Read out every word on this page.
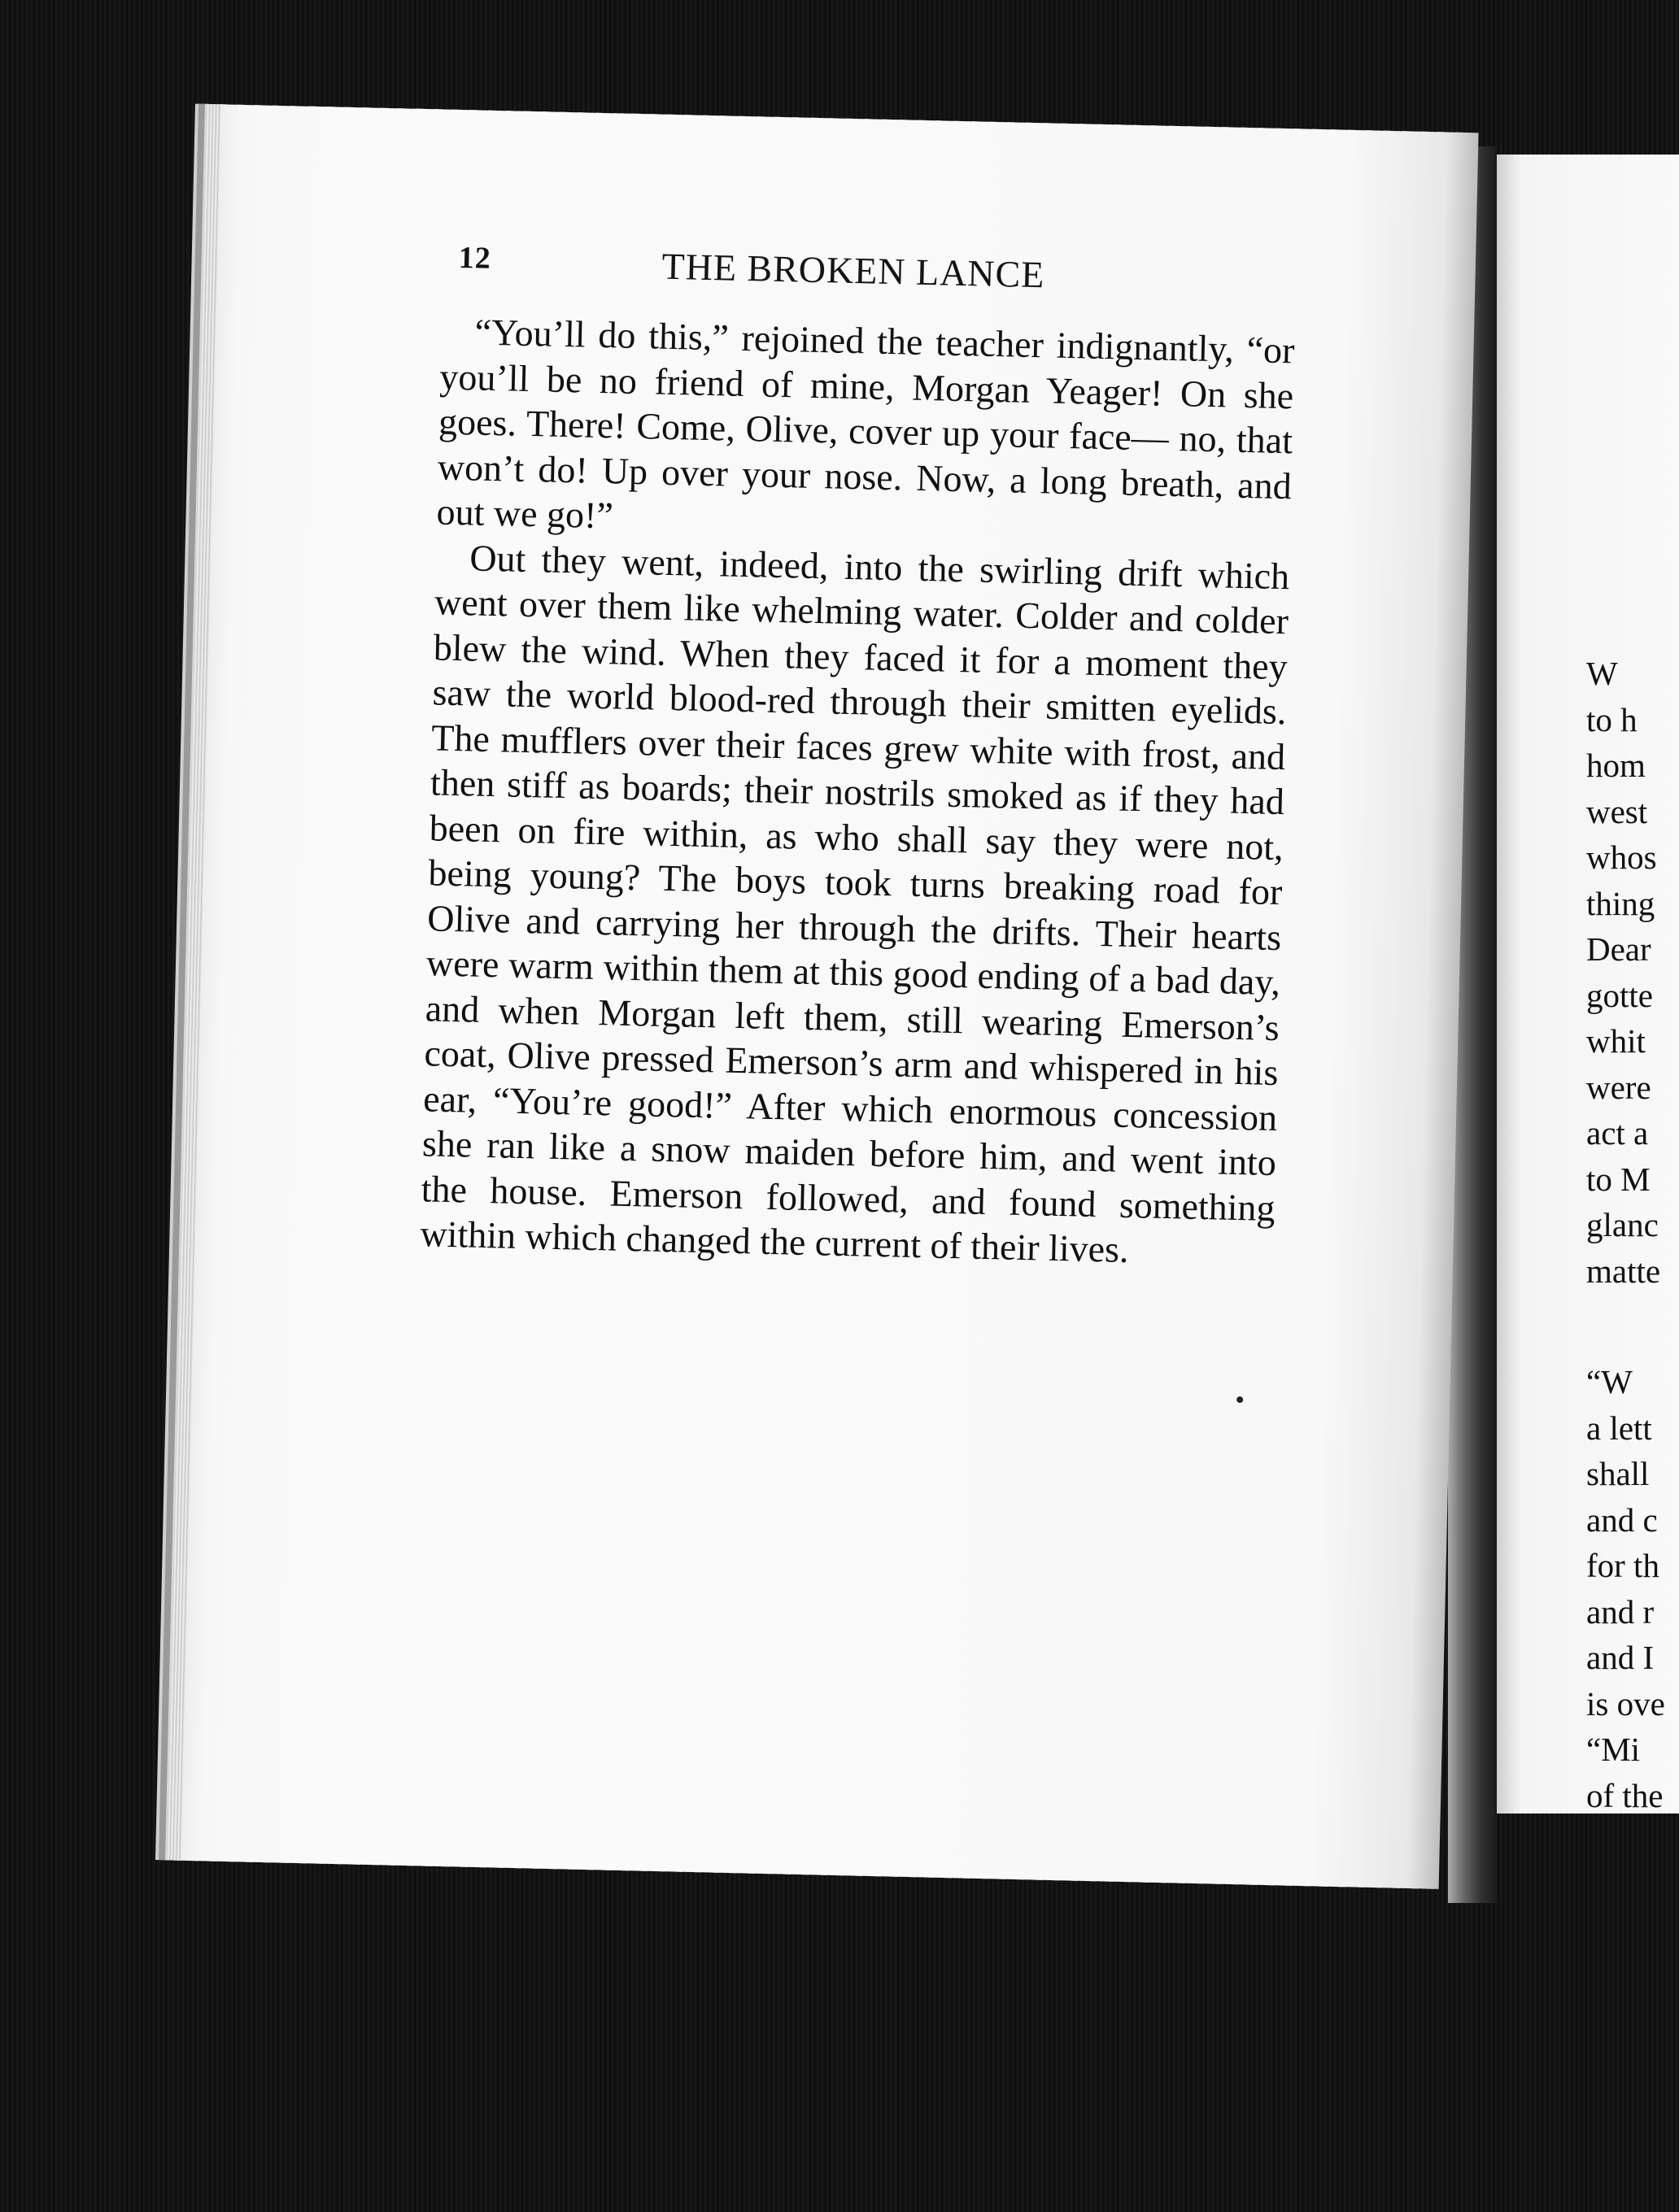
W
to h
hom
west
whos
thing
Dear
gotte
whit
were
act a
to M
glanc
matte
“W
a lett
shall
and c
for th
and r
and I
is ove
“Mi
of the
12	THE BROKEN LANCE

“You’ll do this,” rejoined the teacher indignantly, “or you’ll be no friend of mine, Morgan Yeager! On she goes. There! Come, Olive, cover up your face— no, that won’t do! Up over your nose. Now, a long breath, and out we go!”

Out they went, indeed, into the swirling drift which went over them like whelming water. Colder and colder blew the wind. When they faced it for a moment they saw the world blood-red through their smitten eyelids. The mufflers over their faces grew white with frost, and then stiff as boards; their nostrils smoked as if they had been on fire within, as who shall say they were not, being young? The boys took turns breaking road for Olive and carrying her through the drifts. Their hearts were warm within them at this good ending of a bad day, and when Morgan left them, still wearing Emerson’s coat, Olive pressed Emerson’s arm and whispered in his ear, “You’re good!” After which enormous concession she ran like a snow maiden before him, and went into the house. Emerson followed, and found something within which changed the current of their lives.
